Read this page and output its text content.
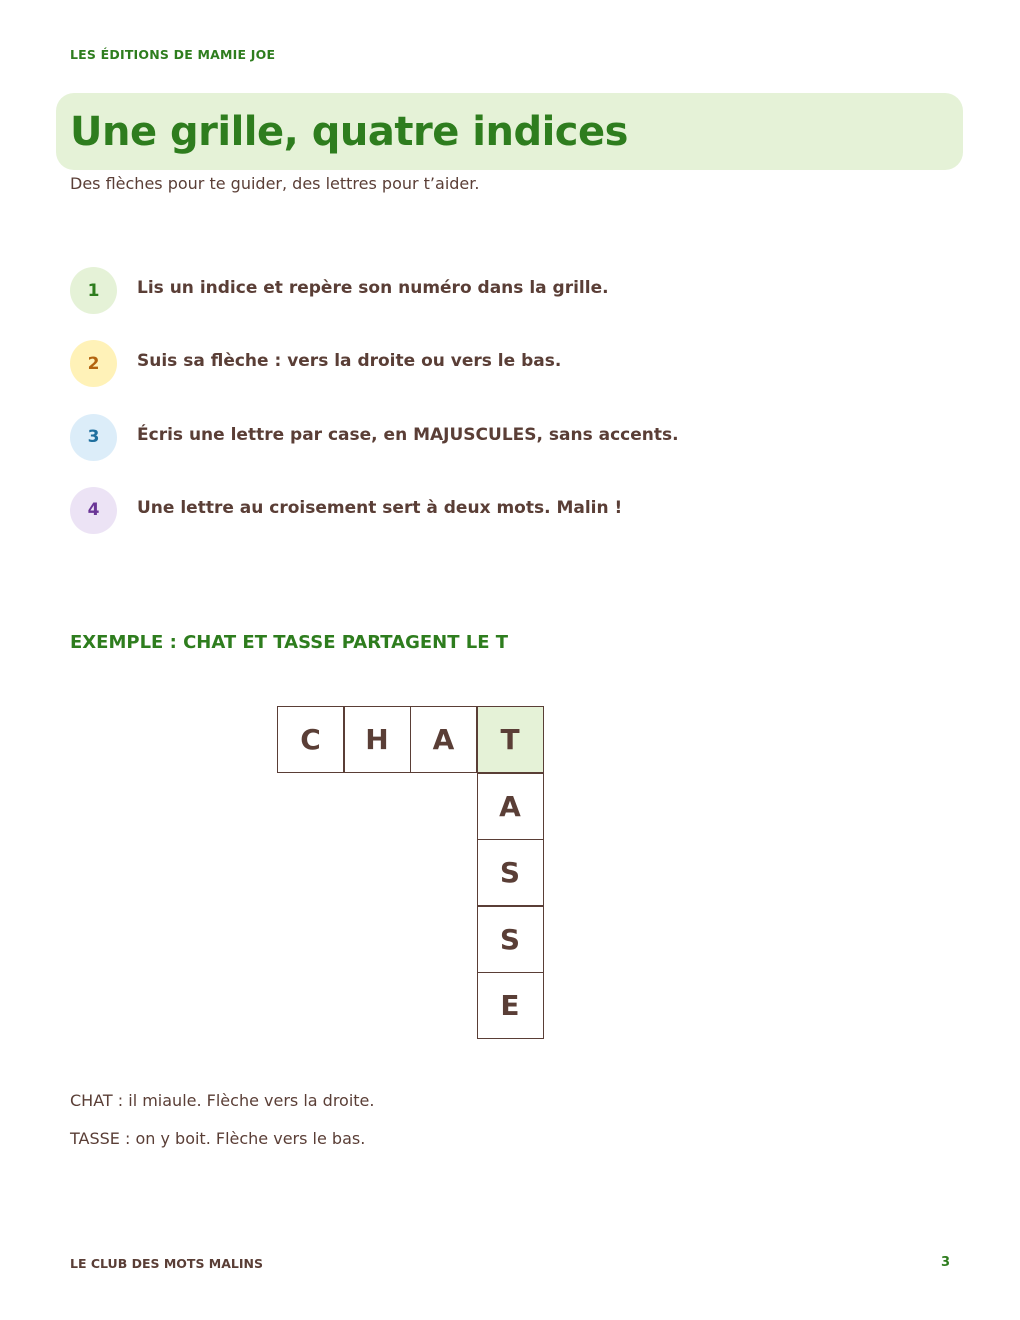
LES ÉDITIONS DE MAMIE JOE
Une grille, quatre indices
Des flèches pour te guider, des lettres pour t’aider.
1	Lis un indice et repère son numéro dans la grille.
2	Suis sa flèche : vers la droite ou vers le bas.
3	Écris une lettre par case, en MAJUSCULES, sans accents.
4	Une lettre au croisement sert à deux mots. Malin !
EXEMPLE : CHAT ET TASSE PARTAGENT LE T
C	H	A	T
A
S
S
E
CHAT : il miaule. Flèche vers la droite.
TASSE : on y boit. Flèche vers le bas.
LE CLUB DES MOTS MALINS	3
